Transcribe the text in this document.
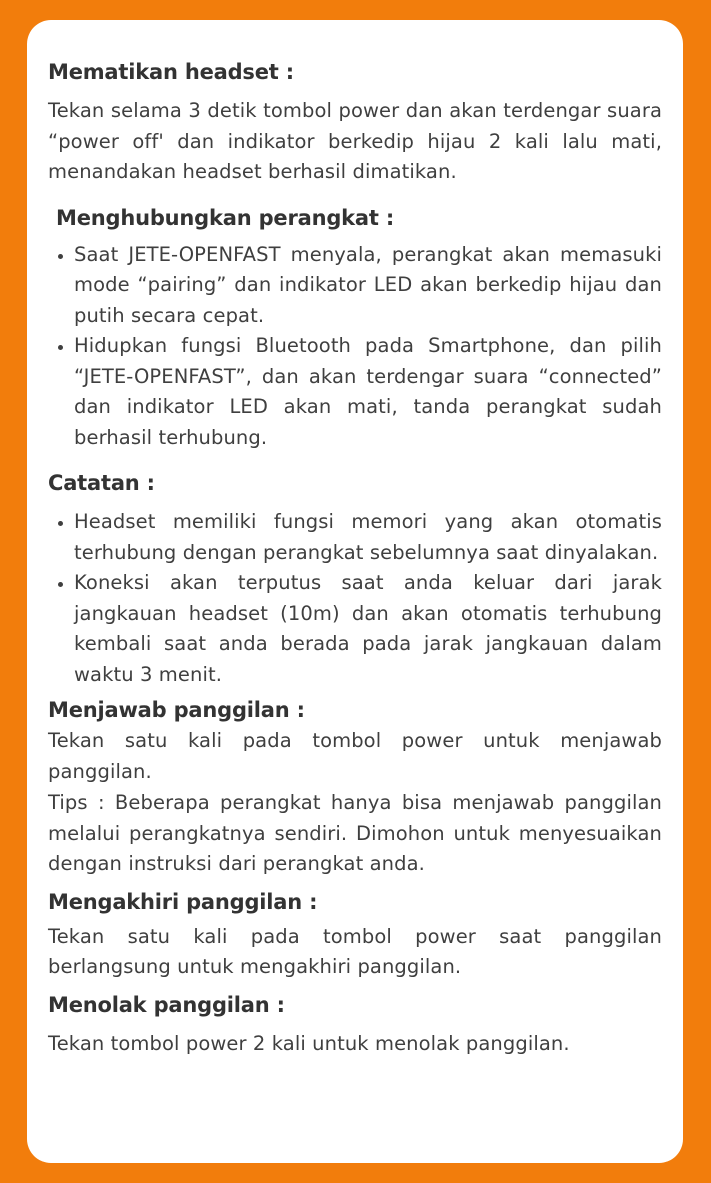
Mematikan headset :

Tekan selama 3 detik tombol power dan akan terdengar suara “power off' dan indikator berkedip hijau 2 kali lalu mati, menandakan headset berhasil dimatikan.

Menghubungkan perangkat :
• Saat JETE-OPENFAST menyala, perangkat akan memasuki mode “pairing” dan indikator LED akan berkedip hijau dan putih secara cepat.
• Hidupkan fungsi Bluetooth pada Smartphone, dan pilih “JETE-OPENFAST”, dan akan terdengar suara “connected” dan indikator LED akan mati, tanda perangkat sudah berhasil terhubung.
Catatan :
• Headset memiliki fungsi memori yang akan otomatis terhubung dengan perangkat sebelumnya saat dinyalakan.
• Koneksi akan terputus saat anda keluar dari jarak jangkauan headset (10m) dan akan otomatis terhubung kembali saat anda berada pada jarak jangkauan dalam waktu 3 menit.
Menjawab panggilan :

Tekan satu kali pada tombol power untuk menjawab panggilan.

Tips : Beberapa perangkat hanya bisa menjawab panggilan melalui perangkatnya sendiri. Dimohon untuk menyesuaikan dengan instruksi dari perangkat anda.

Mengakhiri panggilan :

Tekan satu kali pada tombol power saat panggilan berlangsung untuk mengakhiri panggilan.

Menolak panggilan :

Tekan tombol power 2 kali untuk menolak panggilan.
